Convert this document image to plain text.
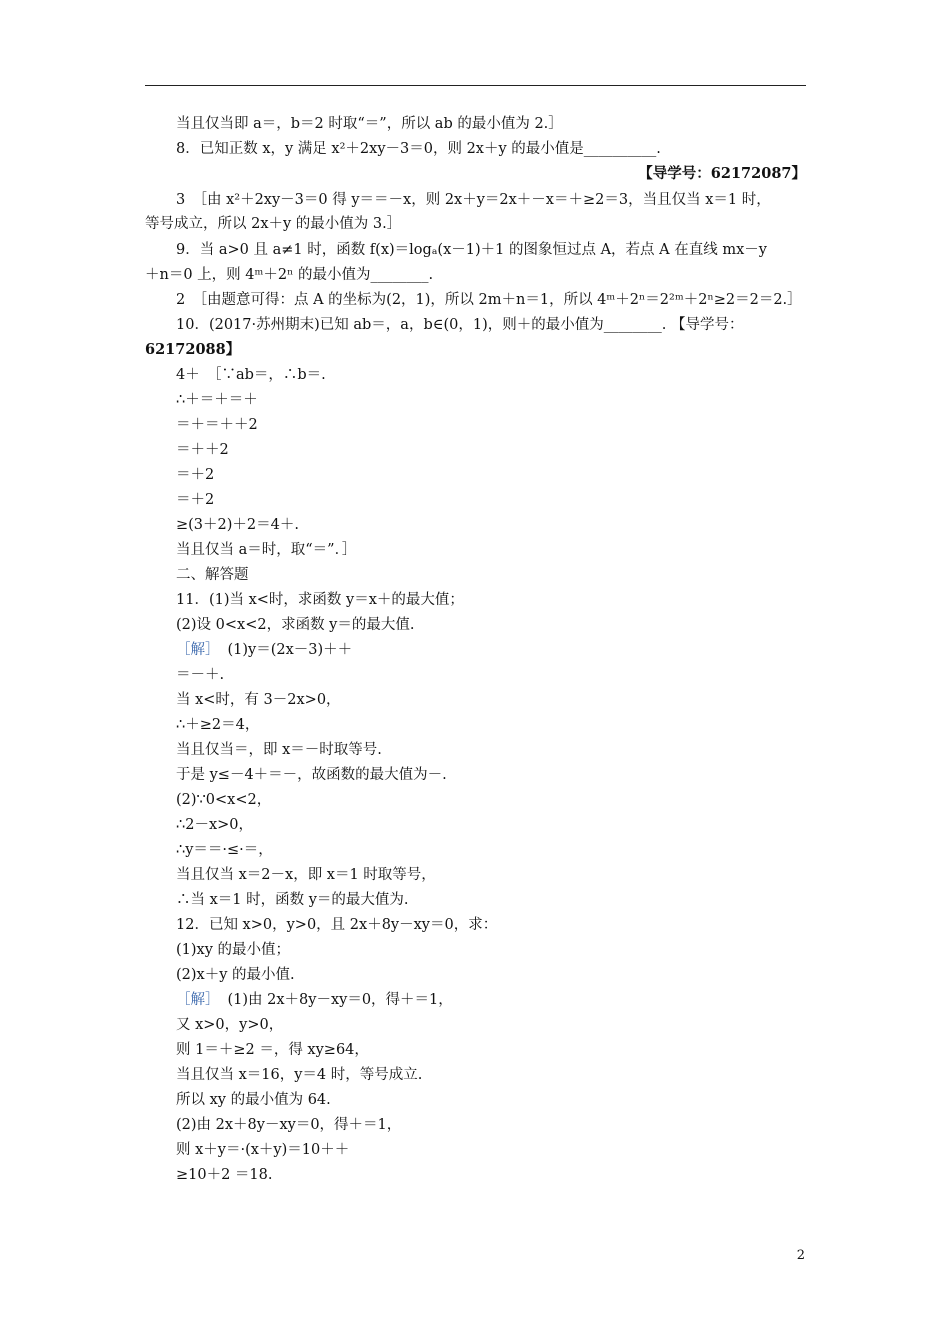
当且仅当即 a＝，b＝2 时取“＝”，所以 ab 的最小值为 2.］
8．已知正数 x，y 满足 x²＋2xy－3＝0，则 2x＋y 的最小值是__________.
【导学号：62172087】
3　［由 x²＋2xy－3＝0 得 y＝＝－x，则 2x＋y＝2x＋－x＝＋≥2＝3，当且仅当 x＝1 时，
等号成立，所以 2x＋y 的最小值为 3.］
9．当 a>0 且 a≠1 时，函数 f(x)＝logₐ(x－1)＋1 的图象恒过点 A，若点 A 在直线 mx－y
＋n＝0 上，则 4ᵐ＋2ⁿ 的最小值为________.
2　［由题意可得：点 A 的坐标为(2，1)，所以 2m＋n＝1，所以 4ᵐ＋2ⁿ＝2²ᵐ＋2ⁿ≥2＝2＝2.］
10．(2017·苏州期末)已知 ab＝，a，b∈(0，1)，则＋的最小值为________. 【导学号：
62172088】
4＋　［∵ab＝，∴b＝.
∴＋＝＋＝＋
＝＋＝＋＋2
＝＋＋2
＝＋2
＝＋2
≥(3＋2)＋2＝4＋.
当且仅当 a＝时，取“＝”．］
二、解答题
11．(1)当 x<时，求函数 y＝x＋的最大值；
(2)设 0<x<2，求函数 y＝的最大值.
［解］ (1)y＝(2x－3)＋＋
＝－＋.
当 x<时，有 3－2x>0，
∴＋≥2＝4，
当且仅当＝，即 x＝－时取等号.
于是 y≤－4＋＝－，故函数的最大值为－.
(2)∵0<x<2，
∴2－x>0，
∴y＝＝·≤·＝，
当且仅当 x＝2－x，即 x＝1 时取等号，
∴当 x＝1 时，函数 y＝的最大值为.
12．已知 x>0，y>0，且 2x＋8y－xy＝0，求：
(1)xy 的最小值；
(2)x＋y 的最小值.
［解］ (1)由 2x＋8y－xy＝0，得＋＝1，
又 x>0，y>0，
则 1＝＋≥2 ＝，得 xy≥64，
当且仅当 x＝16，y＝4 时，等号成立.
所以 xy 的最小值为 64.
(2)由 2x＋8y－xy＝0，得＋＝1，
则 x＋y＝·(x＋y)＝10＋＋
≥10＋2 ＝18.
2
